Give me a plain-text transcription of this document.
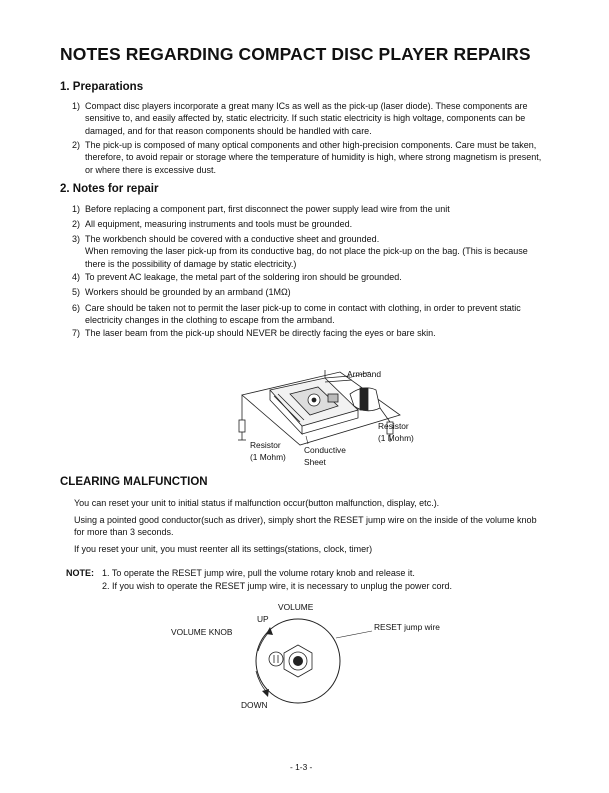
NOTES REGARDING COMPACT DISC PLAYER REPAIRS
1. Preparations
1) Compact disc players incorporate a great many ICs as well as the pick-up (laser diode). These components are sensitive to, and easily affected by, static electricity. If such static electricity is high voltage, components can be damaged, and for that reason components should be handled with care.
2) The pick-up is composed of many optical components and other high-precision components. Care must be taken, therefore, to avoid repair or storage where the temperature of humidity is high, where strong magnetism is present, or where there is excessive dust.
2. Notes for repair
1) Before replacing a component part, first disconnect the power supply lead wire from the unit
2) All equipment, measuring instruments and tools must be grounded.
3) The workbench should be covered with a conductive sheet and grounded.
When removing the laser pick-up from its conductive bag, do not place the pick-up on the bag. (This is because there is the possibility of damage by static electricity.)
4) To prevent AC leakage, the metal part of the soldering iron should be grounded.
5) Workers should be grounded by an armband (1MΩ)
6) Care should be taken not to permit the laser pick-up to come in contact with clothing, in order to prevent static electricity changes in the clothing to escape from the armband.
7) The laser beam from the pick-up should NEVER be directly facing the eyes or bare skin.
Armband
Resistor
(1 Mohm)
Resistor
(1 Mohm)
Conductive
Sheet
CLEARING MALFUNCTION
You can reset your unit to initial status if malfunction occur(button malfunction, display, etc.).
Using a pointed good conductor(such as driver), simply short the RESET jump wire on the inside of the volume knob for more than 3 seconds.
If you reset your unit, you must reenter all its settings(stations, clock, timer)
NOTE: 1. To operate the RESET jump wire, pull the volume rotary knob and release it.
2. If you wish to operate the RESET jump wire, it is necessary to unplug the power cord.
VOLUME
UP
VOLUME KNOB	RESET jump wire
DOWN
- 1-3 -
